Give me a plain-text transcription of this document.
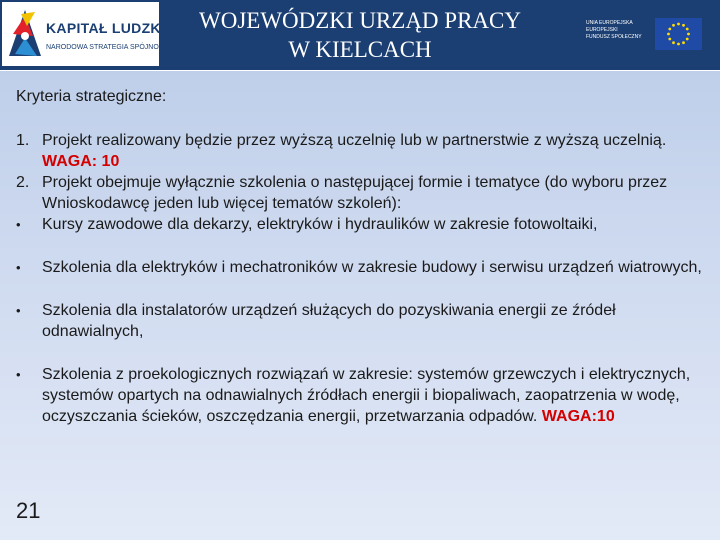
KAPITAŁ LUDZKI
NARODOWA STRATEGIA SPÓJNOŚCI
WOJEWÓDZKI URZĄD PRACY
W KIELCACH
UNIA EUROPEJSKA
EUROPEJSKI
FUNDUSZ SPOŁECZNY
Kryteria strategiczne:
1. Projekt realizowany będzie przez wyższą uczelnię lub w partnerstwie z wyższą uczelnią. WAGA: 10
2. Projekt obejmuje wyłącznie szkolenia o następującej formie i tematyce (do wyboru przez Wnioskodawcę jeden lub więcej tematów szkoleń):
• Kursy zawodowe dla dekarzy, elektryków i hydraulików w zakresie fotowoltaiki,
• Szkolenia dla elektryków i mechatroników w zakresie budowy i serwisu urządzeń wiatrowych,
• Szkolenia dla instalatorów urządzeń służących do pozyskiwania energii ze źródeł odnawialnych,
• Szkolenia z proekologicznych rozwiązań w zakresie: systemów grzewczych i elektrycznych, systemów opartych na odnawialnych źródłach energii i biopaliwach, zaopatrzenia w wodę, oczyszczania ścieków, oszczędzania energii, przetwarzania odpadów. WAGA:10
21
